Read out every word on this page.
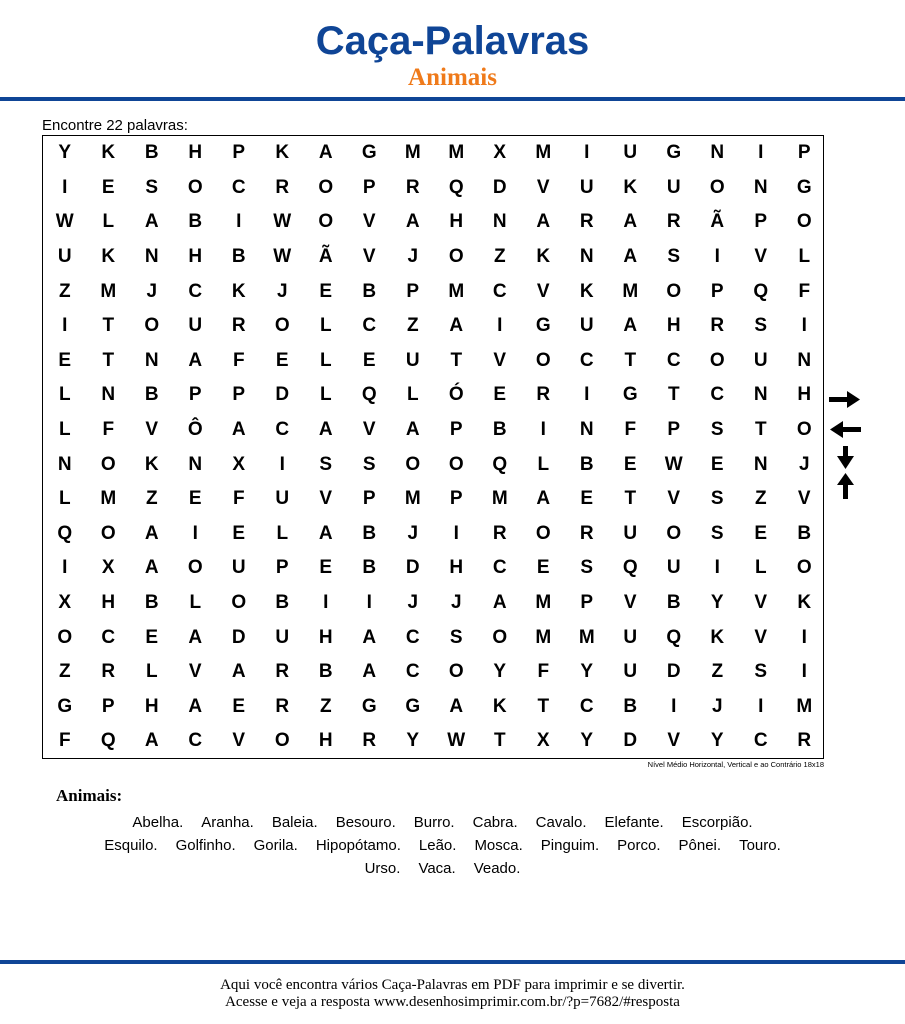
Caça-Palavras
Animais
Encontre 22 palavras:
Y	K	B	H	P	K	A	G	M	M	X	M	I	U	G	N	I	P
I	E	S	O	C	R	O	P	R	Q	D	V	U	K	U	O	N	G
W	L	A	B	I	W	O	V	A	H	N	A	R	A	R	Ã	P	O
U	K	N	H	B	W	Ã	V	J	O	Z	K	N	A	S	I	V	L
Z	M	J	C	K	J	E	B	P	M	C	V	K	M	O	P	Q	F
I	T	O	U	R	O	L	C	Z	A	I	G	U	A	H	R	S	I
E	T	N	A	F	E	L	E	U	T	V	O	C	T	C	O	U	N
L	N	B	P	P	D	L	Q	L	Ó	E	R	I	G	T	C	N	H
L	F	V	Ô	A	C	A	V	A	P	B	I	N	F	P	S	T	O
N	O	K	N	X	I	S	S	O	O	Q	L	B	E	W	E	N	J
L	M	Z	E	F	U	V	P	M	P	M	A	E	T	V	S	Z	V
Q	O	A	I	E	L	A	B	J	I	R	O	R	U	O	S	E	B
I	X	A	O	U	P	E	B	D	H	C	E	S	Q	U	I	L	O
X	H	B	L	O	B	I	I	J	J	A	M	P	V	B	Y	V	K
O	C	E	A	D	U	H	A	C	S	O	M	M	U	Q	K	V	I
Z	R	L	V	A	R	B	A	C	O	Y	F	Y	U	D	Z	S	I
G	P	H	A	E	R	Z	G	G	A	K	T	C	B	I	J	I	M
F	Q	A	C	V	O	H	R	Y	W	T	X	Y	D	V	Y	C	R
Nível Médio Horizontal, Vertical e ao Contrário 18x18
Animais:
Abelha. Aranha. Baleia. Besouro. Burro. Cabra. Cavalo. Elefante. Escorpião.
Esquilo. Golfinho. Gorila. Hipopótamo. Leão. Mosca. Pinguim. Porco. Pônei. Touro.
Urso. Vaca. Veado.
Aqui você encontra vários Caça-Palavras em PDF para imprimir e se divertir.
Acesse e veja a resposta www.desenhosimprimir.com.br/?p=7682/#resposta
